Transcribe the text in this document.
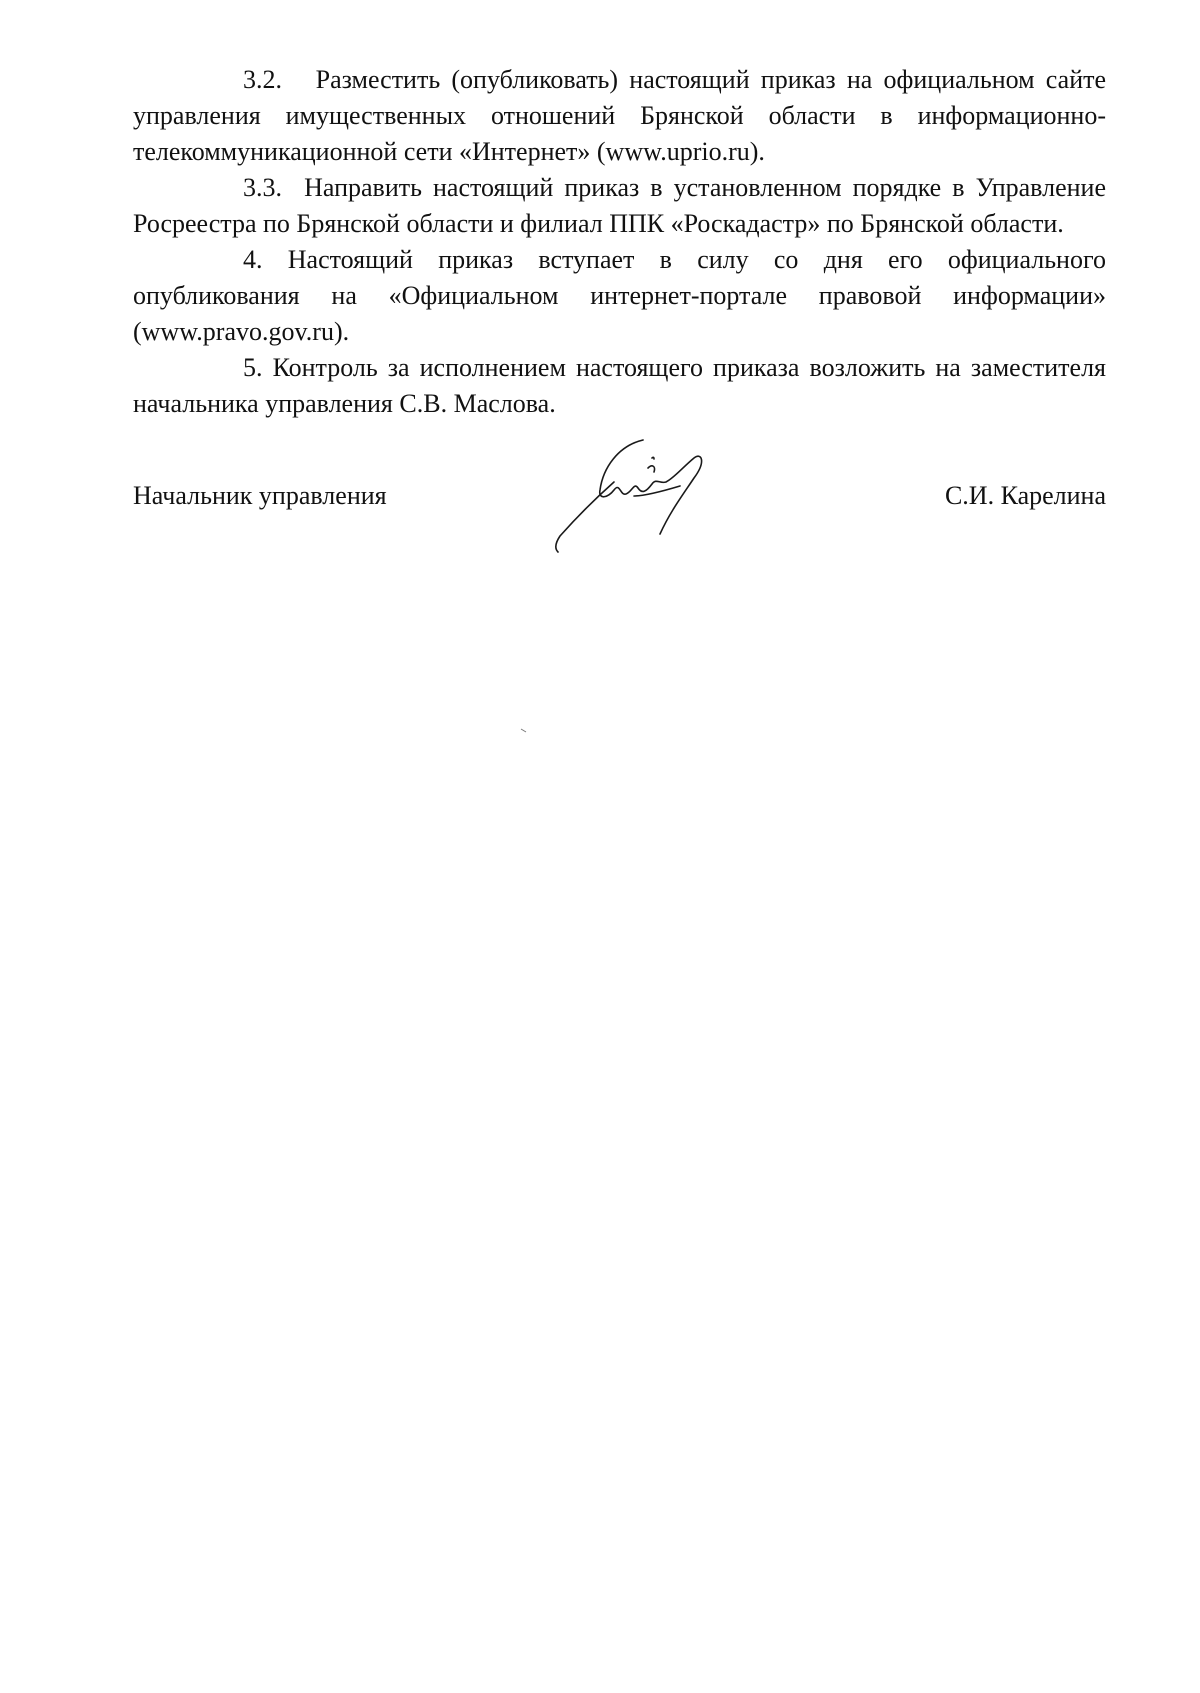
3.2. Разместить (опубликовать) настоящий приказ на официальном сайте управления имущественных отношений Брянской области в информационно-телекоммуникационной сети «Интернет» (www.uprio.ru).

3.3. Направить настоящий приказ в установленном порядке в Управление Росреестра по Брянской области и филиал ППК «Роскадастр» по Брянской области.

4. Настоящий приказ вступает в силу со дня его официального опубликования на «Официальном интернет-портале правовой информации» (www.pravo.gov.ru).

5. Контроль за исполнением настоящего приказа возложить на заместителя начальника управления С.В. Маслова.

Начальник управления	С.И. Карелина
